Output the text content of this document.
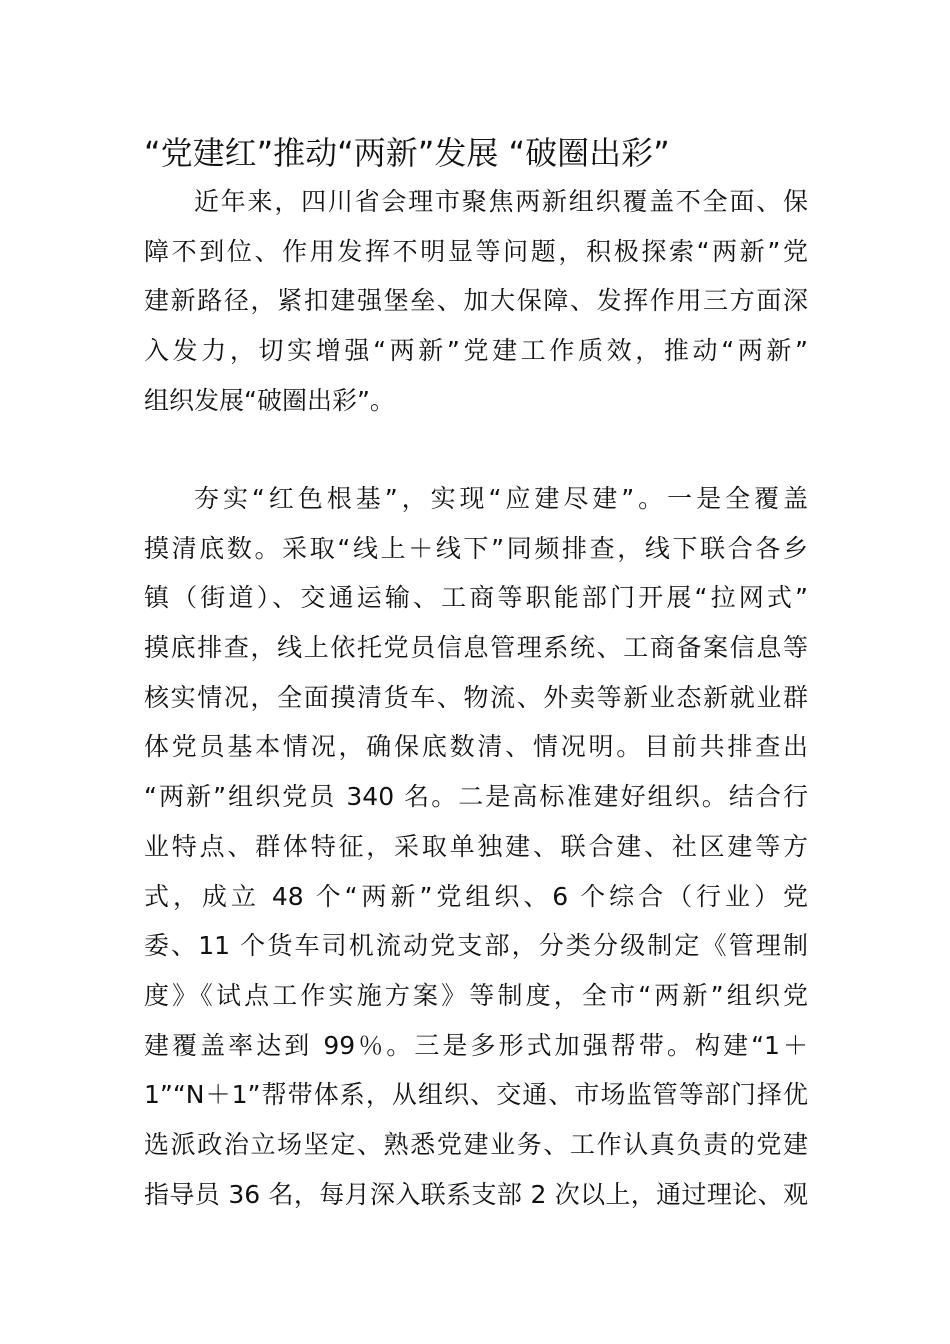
“党建红”推动“两新”发展 “破圈出彩”
近年来，四川省会理市聚焦两新组织覆盖不全面、保
障不到位、作用发挥不明显等问题，积极探索“两新”党
建新路径，紧扣建强堡垒、加大保障、发挥作用三方面深
入发力，切实增强“两新”党建工作质效，推动“两新”
组织发展“破圈出彩”。
夯实“红色根基”，实现“应建尽建”。一是全覆盖
摸清底数。采取“线上＋线下”同频排查，线下联合各乡
镇（街道）、交通运输、工商等职能部门开展“拉网式”
摸底排查，线上依托党员信息管理系统、工商备案信息等
核实情况，全面摸清货车、物流、外卖等新业态新就业群
体党员基本情况，确保底数清、情况明。目前共排查出
“两新”组织党员 340 名。二是高标准建好组织。结合行
业特点、群体特征，采取单独建、联合建、社区建等方
式，成立 48 个“两新”党组织、6 个综合（行业）党
委、11 个货车司机流动党支部，分类分级制定《管理制
度》《试点工作实施方案》等制度，全市“两新”组织党
建覆盖率达到 99％。三是多形式加强帮带。构建“1＋
1”“N＋1”帮带体系，从组织、交通、市场监管等部门择优
选派政治立场坚定、熟悉党建业务、工作认真负责的党建
指导员 36 名，每月深入联系支部 2 次以上，通过理论、观
